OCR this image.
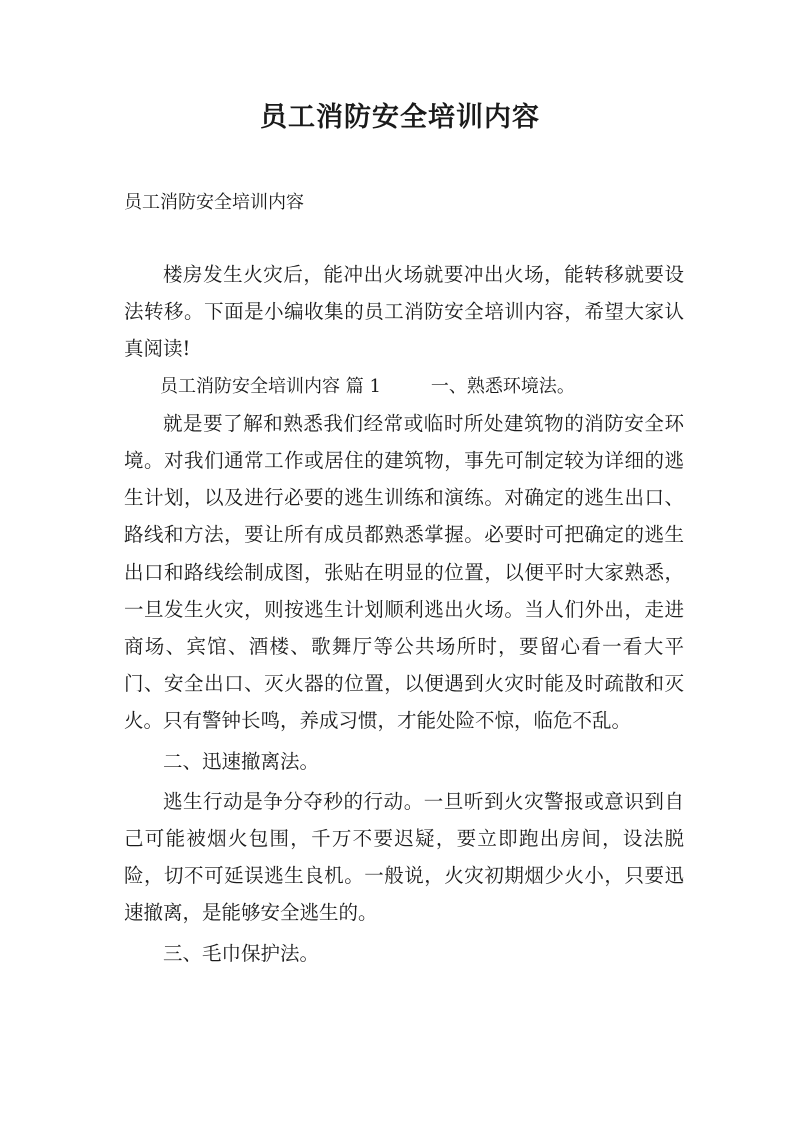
员工消防安全培训内容
员工消防安全培训内容

楼房发生火灾后，能冲出火场就要冲出火场，能转移就要设法转移。下面是小编收集的员工消防安全培训内容，希望大家认真阅读!

员工消防安全培训内容 篇 1	一、熟悉环境法。

就是要了解和熟悉我们经常或临时所处建筑物的消防安全环境。对我们通常工作或居住的建筑物，事先可制定较为详细的逃生计划，以及进行必要的逃生训练和演练。对确定的逃生出口、路线和方法，要让所有成员都熟悉掌握。必要时可把确定的逃生出口和路线绘制成图，张贴在明显的位置，以便平时大家熟悉，一旦发生火灾，则按逃生计划顺利逃出火场。当人们外出，走进商场、宾馆、酒楼、歌舞厅等公共场所时，要留心看一看大平门、安全出口、灭火器的位置，以便遇到火灾时能及时疏散和灭火。只有警钟长鸣，养成习惯，才能处险不惊，临危不乱。

二、迅速撤离法。

逃生行动是争分夺秒的行动。一旦听到火灾警报或意识到自己可能被烟火包围，千万不要迟疑，要立即跑出房间，设法脱险，切不可延误逃生良机。一般说，火灾初期烟少火小，只要迅速撤离，是能够安全逃生的。

三、毛巾保护法。
